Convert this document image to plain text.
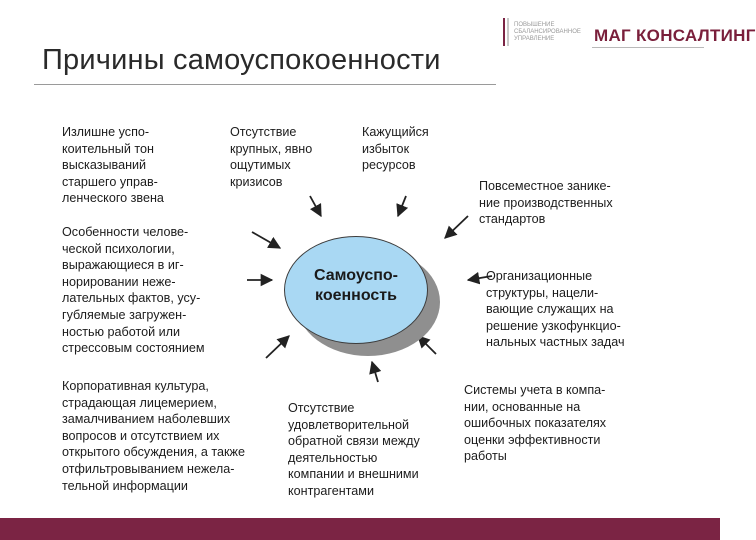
Причины самоуспокоенности
ПОВЫШЕНИЕ
СБАЛАНСИРОВАННОЕ
УПРАВЛЕНИЕ	МАГ КОНСАЛТИНГ
Самоуспо-
коенность
Излишне успо-
коительный тон
высказываний
старшего управ-
ленческого звена
Отсутствие
крупных, явно
ощутимых
кризисов
Кажущийся
избыток
ресурсов
Повсеместное занике-
ние производственных
стандартов
Особенности челове-
ческой психологии,
выражающиеся в иг-
норировании неже-
лательных фактов, усу-
губляемые загружен-
ностью работой или
стрессовым состоянием
Организационные
структуры, нацели-
вающие служащих на
решение узкофункцио-
нальных частных задач
Корпоративная культура,
страдающая лицемерием,
замалчиванием наболевших
вопросов и отсутствием их
открытого обсуждения, а также
отфильтровыванием нежела-
тельной информации
Отсутствие
удовлетворительной
обратной связи между
деятельностью
компании и внешними
контрагентами
Системы учета в компа-
нии, основанные на
ошибочных показателях
оценки эффективности
работы
